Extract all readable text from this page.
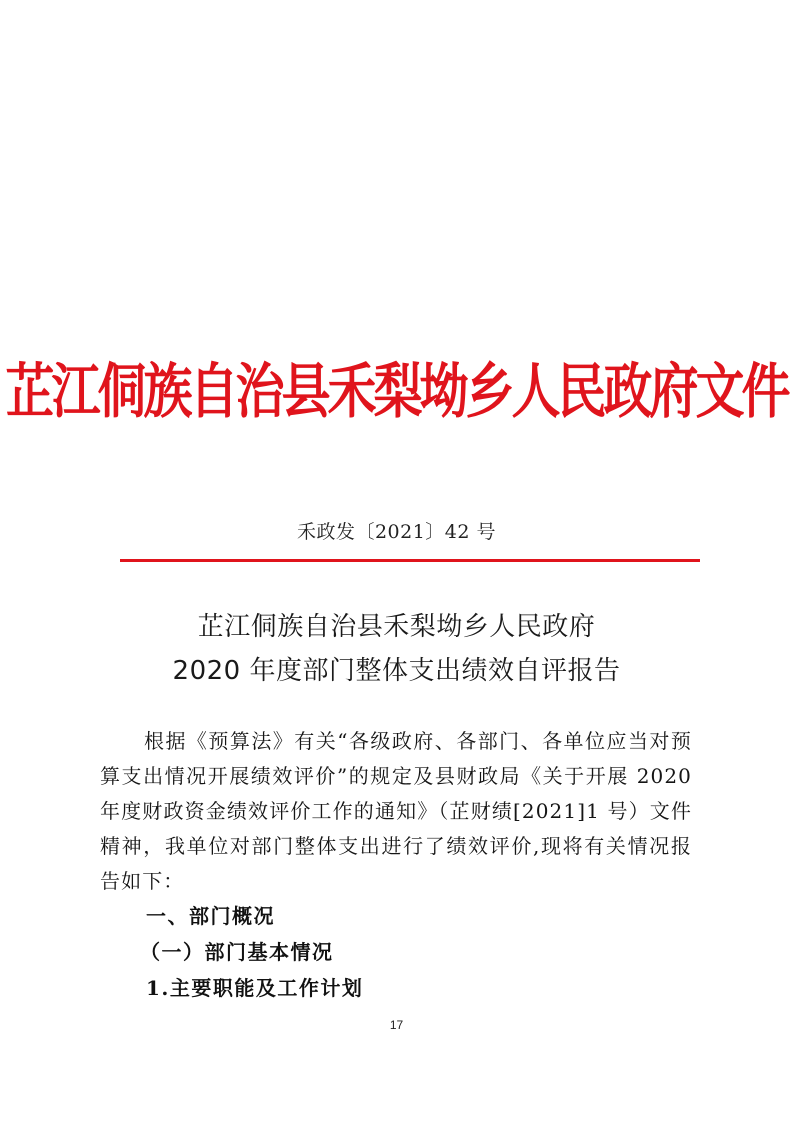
芷江侗族自治县禾梨坳乡人民政府文件
禾政发〔2021〕42 号
芷江侗族自治县禾梨坳乡人民政府
2020 年度部门整体支出绩效自评报告
根据《预算法》有关“各级政府、各部门、各单位应当对预算支出情况开展绩效评价”的规定及县财政局《关于开展 2020 年度财政资金绩效评价工作的通知》（芷财绩[2021]1 号）文件精神，我单位对部门整体支出进行了绩效评价,现将有关情况报告如下：
一、部门概况
（一）部门基本情况
1.主要职能及工作计划
17
